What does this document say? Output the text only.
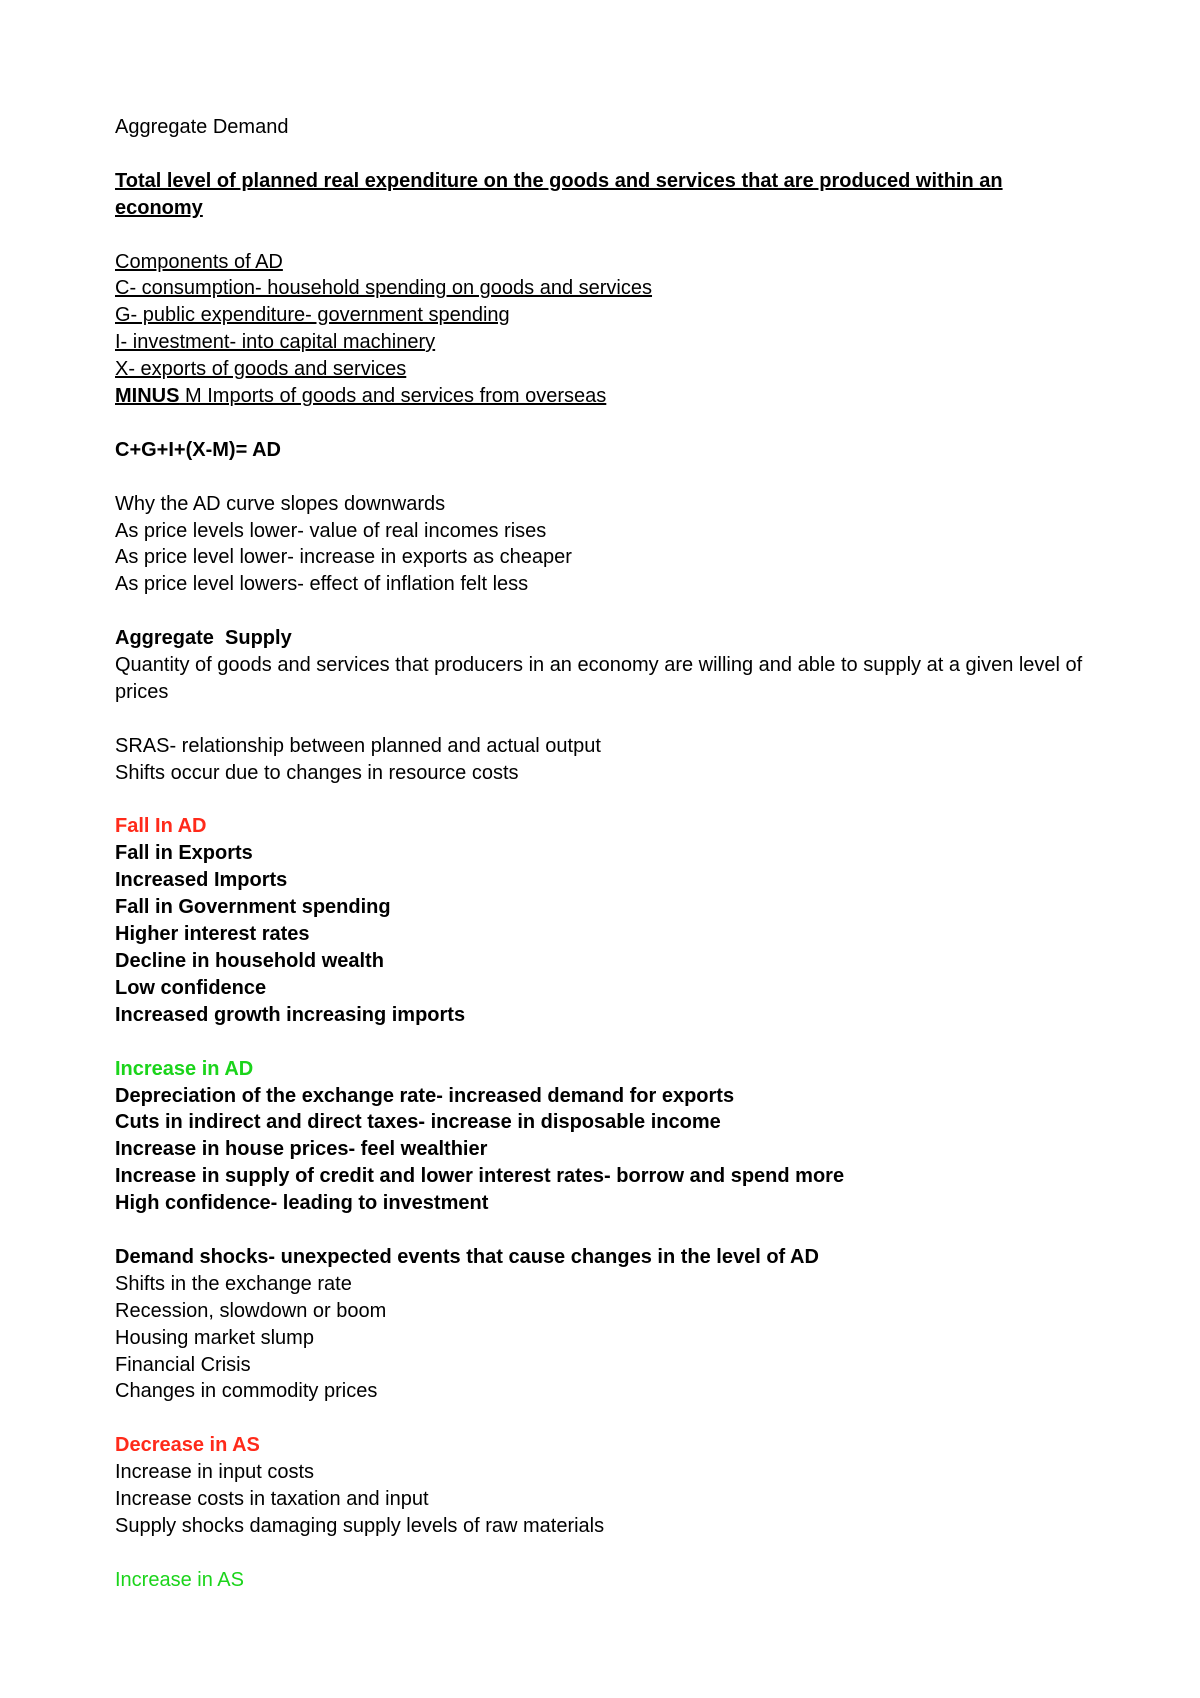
Aggregate Demand
Total level of planned real expenditure on the goods and services that are produced within an economy
Components of AD
C- consumption- household spending on goods and services
G- public expenditure- government spending
I- investment- into capital machinery
X- exports of goods and services
MINUS M Imports of goods and services from overseas
C+G+I+(X-M)= AD
Why the AD curve slopes downwards
As price levels lower- value of real incomes rises
As price level lower- increase in exports as cheaper
As price level lowers- effect of inflation felt less
Aggregate  Supply
Quantity of goods and services that producers in an economy are willing and able to supply at a given level of prices
SRAS- relationship between planned and actual output
Shifts occur due to changes in resource costs
Fall In AD
Fall in Exports
Increased Imports
Fall in Government spending
Higher interest rates
Decline in household wealth
Low confidence
Increased growth increasing imports
Increase in AD
Depreciation of the exchange rate- increased demand for exports
Cuts in indirect and direct taxes- increase in disposable income
Increase in house prices- feel wealthier
Increase in supply of credit and lower interest rates- borrow and spend more
High confidence- leading to investment
Demand shocks- unexpected events that cause changes in the level of AD
Shifts in the exchange rate
Recession, slowdown or boom
Housing market slump
Financial Crisis
Changes in commodity prices
Decrease in AS
Increase in input costs
Increase costs in taxation and input
Supply shocks damaging supply levels of raw materials
Increase in AS
